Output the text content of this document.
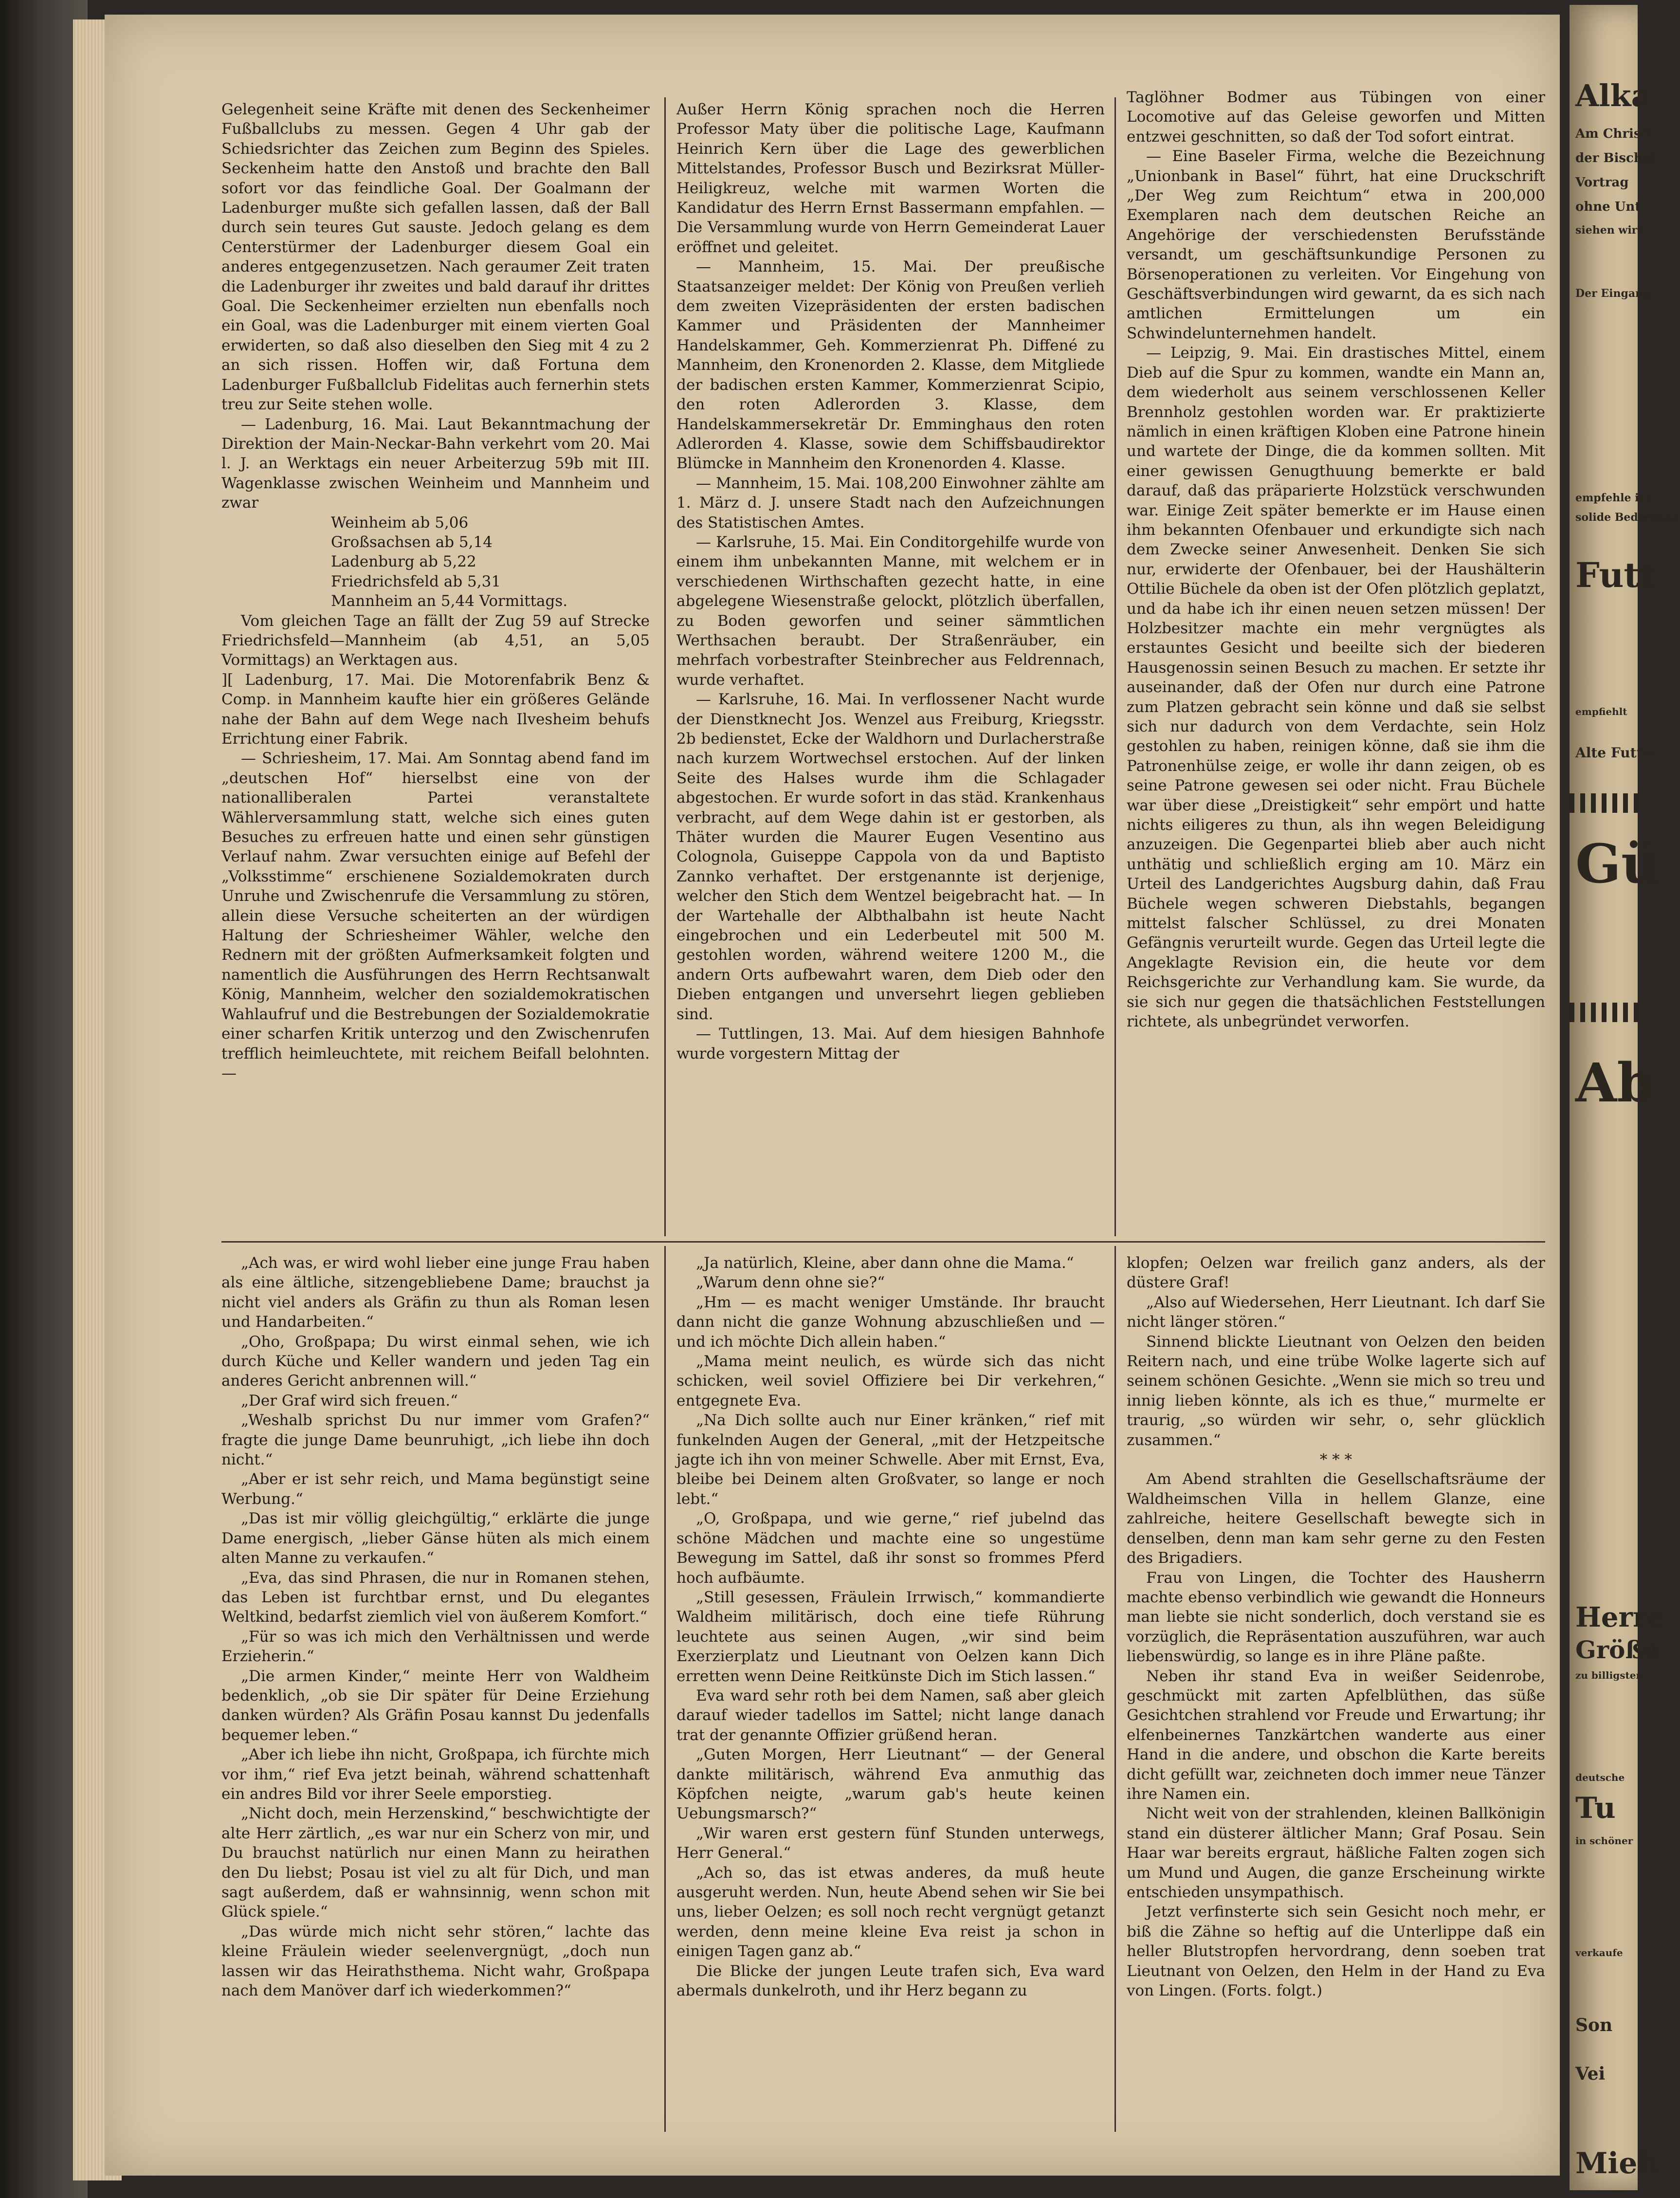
Gelegenheit seine Kräfte mit denen des Seckenheimer Fußballclubs zu messen. Gegen 4 Uhr gab der Schiedsrichter das Zeichen zum Beginn des Spieles. Seckenheim hatte den Anstoß und brachte den Ball sofort vor das feindliche Goal. Der Goalmann der Ladenburger mußte sich gefallen lassen, daß der Ball durch sein teures Gut sauste. Jedoch gelang es dem Centerstürmer der Ladenburger diesem Goal ein anderes entgegenzusetzen. Nach geraumer Zeit traten die Ladenburger ihr zweites und bald darauf ihr drittes Goal. Die Seckenheimer erzielten nun ebenfalls noch ein Goal, was die Ladenburger mit einem vierten Goal erwiderten, so daß also dieselben den Sieg mit 4 zu 2 an sich rissen. Hoffen wir, daß Fortuna dem Ladenburger Fußballclub Fidelitas auch fernerhin stets treu zur Seite stehen wolle.

— Ladenburg, 16. Mai. Laut Bekanntmachung der Direktion der Main-Neckar-Bahn verkehrt vom 20. Mai l. J. an Werktags ein neuer Arbeiterzug 59b mit III. Wagenklasse zwischen Weinheim und Mannheim und zwar

Weinheim ab 5,06

Großsachsen ab 5,14

Ladenburg ab 5,22

Friedrichsfeld ab 5,31

Mannheim an 5,44 Vormittags.

Vom gleichen Tage an fällt der Zug 59 auf Strecke Friedrichsfeld—Mannheim (ab 4,51, an 5,05 Vormittags) an Werktagen aus.

][ Ladenburg, 17. Mai. Die Motorenfabrik Benz & Comp. in Mannheim kaufte hier ein größeres Gelände nahe der Bahn auf dem Wege nach Ilvesheim behufs Errichtung einer Fabrik.

— Schriesheim, 17. Mai. Am Sonntag abend fand im „deutschen Hof“ hierselbst eine von der nationalliberalen Partei veranstaltete Wählerversammlung statt, welche sich eines guten Besuches zu erfreuen hatte und einen sehr günstigen Verlauf nahm. Zwar versuchten einige auf Befehl der „Volksstimme“ erschienene Sozialdemokraten durch Unruhe und Zwischenrufe die Versammlung zu stören, allein diese Versuche scheiterten an der würdigen Haltung der Schriesheimer Wähler, welche den Rednern mit der größten Aufmerksamkeit folgten und namentlich die Ausführungen des Herrn Rechtsanwalt König, Mannheim, welcher den sozialdemokratischen Wahlaufruf und die Bestrebungen der Sozialdemokratie einer scharfen Kritik unterzog und den Zwischenrufen trefflich heimleuchtete, mit reichem Beifall belohnten. —

Außer Herrn König sprachen noch die Herren Professor Maty über die politische Lage, Kaufmann Heinrich Kern über die Lage des gewerblichen Mittelstandes, Professor Busch und Bezirksrat Müller-Heiligkreuz, welche mit warmen Worten die Kandidatur des Herrn Ernst Bassermann empfahlen. — Die Versammlung wurde von Herrn Gemeinderat Lauer eröffnet und geleitet.

— Mannheim, 15. Mai. Der preußische Staatsanzeiger meldet: Der König von Preußen verlieh dem zweiten Vizepräsidenten der ersten badischen Kammer und Präsidenten der Mannheimer Handelskammer, Geh. Kommerzienrat Ph. Diffené zu Mannheim, den Kronenorden 2. Klasse, dem Mitgliede der badischen ersten Kammer, Kommerzienrat Scipio, den roten Adlerorden 3. Klasse, dem Handelskammersekretär Dr. Emminghaus den roten Adlerorden 4. Klasse, sowie dem Schiffsbaudirektor Blümcke in Mannheim den Kronenorden 4. Klasse.

— Mannheim, 15. Mai. 108,200 Einwohner zählte am 1. März d. J. unsere Stadt nach den Aufzeichnungen des Statistischen Amtes.

— Karlsruhe, 15. Mai. Ein Conditorgehilfe wurde von einem ihm unbekannten Manne, mit welchem er in verschiedenen Wirthschaften gezecht hatte, in eine abgelegene Wiesenstraße gelockt, plötzlich überfallen, zu Boden geworfen und seiner sämmtlichen Werthsachen beraubt. Der Straßenräuber, ein mehrfach vorbestrafter Steinbrecher aus Feldrennach, wurde verhaftet.

— Karlsruhe, 16. Mai. In verflossener Nacht wurde der Dienstknecht Jos. Wenzel aus Freiburg, Kriegsstr. 2b bedienstet, Ecke der Waldhorn und Durlacherstraße nach kurzem Wortwechsel erstochen. Auf der linken Seite des Halses wurde ihm die Schlagader abgestochen. Er wurde sofort in das städ. Krankenhaus verbracht, auf dem Wege dahin ist er gestorben, als Thäter wurden die Maurer Eugen Vesentino aus Colognola, Guiseppe Cappola von da und Baptisto Zannko verhaftet. Der erstgenannte ist derjenige, welcher den Stich dem Wentzel beigebracht hat. — In der Wartehalle der Albthalbahn ist heute Nacht eingebrochen und ein Lederbeutel mit 500 M. gestohlen worden, während weitere 1200 M., die andern Orts aufbewahrt waren, dem Dieb oder den Dieben entgangen und unversehrt liegen geblieben sind.

— Tuttlingen, 13. Mai. Auf dem hiesigen Bahnhofe wurde vorgestern Mittag der

Taglöhner Bodmer aus Tübingen von einer Locomotive auf das Geleise geworfen und Mitten entzwei geschnitten, so daß der Tod sofort eintrat.

— Eine Baseler Firma, welche die Bezeichnung „Unionbank in Basel“ führt, hat eine Druckschrift „Der Weg zum Reichtum“ etwa in 200,000 Exemplaren nach dem deutschen Reiche an Angehörige der verschiedensten Berufsstände versandt, um geschäftsunkundige Personen zu Börsenoperationen zu verleiten. Vor Eingehung von Geschäftsverbindungen wird gewarnt, da es sich nach amtlichen Ermittelungen um ein Schwindelunternehmen handelt.

— Leipzig, 9. Mai. Ein drastisches Mittel, einem Dieb auf die Spur zu kommen, wandte ein Mann an, dem wiederholt aus seinem verschlossenen Keller Brennholz gestohlen worden war. Er praktizierte nämlich in einen kräftigen Kloben eine Patrone hinein und wartete der Dinge, die da kommen sollten. Mit einer gewissen Genugthuung bemerkte er bald darauf, daß das präparierte Holzstück verschwunden war. Einige Zeit später bemerkte er im Hause einen ihm bekannten Ofenbauer und erkundigte sich nach dem Zwecke seiner Anwesenheit. Denken Sie sich nur, erwiderte der Ofenbauer, bei der Haushälterin Ottilie Büchele da oben ist der Ofen plötzlich geplatzt, und da habe ich ihr einen neuen setzen müssen! Der Holzbesitzer machte ein mehr vergnügtes als erstauntes Gesicht und beeilte sich der biederen Hausgenossin seinen Besuch zu machen. Er setzte ihr auseinander, daß der Ofen nur durch eine Patrone zum Platzen gebracht sein könne und daß sie selbst sich nur dadurch von dem Verdachte, sein Holz gestohlen zu haben, reinigen könne, daß sie ihm die Patronenhülse zeige, er wolle ihr dann zeigen, ob es seine Patrone gewesen sei oder nicht. Frau Büchele war über diese „Dreistigkeit“ sehr empört und hatte nichts eiligeres zu thun, als ihn wegen Beleidigung anzuzeigen. Die Gegenpartei blieb aber auch nicht unthätig und schließlich erging am 10. März ein Urteil des Landgerichtes Augsburg dahin, daß Frau Büchele wegen schweren Diebstahls, begangen mittelst falscher Schlüssel, zu drei Monaten Gefängnis verurteilt wurde. Gegen das Urteil legte die Angeklagte Revision ein, die heute vor dem Reichsgerichte zur Verhandlung kam. Sie wurde, da sie sich nur gegen die thatsächlichen Feststellungen richtete, als unbegründet verworfen.

„Ach was, er wird wohl lieber eine junge Frau haben als eine ältliche, sitzengebliebene Dame; brauchst ja nicht viel anders als Gräfin zu thun als Roman lesen und Handarbeiten.“

„Oho, Großpapa; Du wirst einmal sehen, wie ich durch Küche und Keller wandern und jeden Tag ein anderes Gericht anbrennen will.“

„Der Graf wird sich freuen.“

„Weshalb sprichst Du nur immer vom Grafen?“ fragte die junge Dame beunruhigt, „ich liebe ihn doch nicht.“

„Aber er ist sehr reich, und Mama begünstigt seine Werbung.“

„Das ist mir völlig gleichgültig,“ erklärte die junge Dame energisch, „lieber Gänse hüten als mich einem alten Manne zu verkaufen.“

„Eva, das sind Phrasen, die nur in Romanen stehen, das Leben ist furchtbar ernst, und Du elegantes Weltkind, bedarfst ziemlich viel von äußerem Komfort.“

„Für so was ich mich den Verhältnissen und werde Erzieherin.“

„Die armen Kinder,“ meinte Herr von Waldheim bedenklich, „ob sie Dir später für Deine Erziehung danken würden? Als Gräfin Posau kannst Du jedenfalls bequemer leben.“

„Aber ich liebe ihn nicht, Großpapa, ich fürchte mich vor ihm,“ rief Eva jetzt beinah, während schattenhaft ein andres Bild vor ihrer Seele emporstieg.

„Nicht doch, mein Herzenskind,“ beschwichtigte der alte Herr zärtlich, „es war nur ein Scherz von mir, und Du brauchst natürlich nur einen Mann zu heirathen den Du liebst; Posau ist viel zu alt für Dich, und man sagt außerdem, daß er wahnsinnig, wenn schon mit Glück spiele.“

„Das würde mich nicht sehr stören,“ lachte das kleine Fräulein wieder seelenvergnügt, „doch nun lassen wir das Heirathsthema. Nicht wahr, Großpapa nach dem Manöver darf ich wiederkommen?“

„Ja natürlich, Kleine, aber dann ohne die Mama.“

„Warum denn ohne sie?“

„Hm — es macht weniger Umstände. Ihr braucht dann nicht die ganze Wohnung abzuschließen und — und ich möchte Dich allein haben.“

„Mama meint neulich, es würde sich das nicht schicken, weil soviel Offiziere bei Dir verkehren,“ entgegnete Eva.

„Na Dich sollte auch nur Einer kränken,“ rief mit funkelnden Augen der General, „mit der Hetzpeitsche jagte ich ihn von meiner Schwelle. Aber mit Ernst, Eva, bleibe bei Deinem alten Großvater, so lange er noch lebt.“

„O, Großpapa, und wie gerne,“ rief jubelnd das schöne Mädchen und machte eine so ungestüme Bewegung im Sattel, daß ihr sonst so frommes Pferd hoch aufbäumte.

„Still gesessen, Fräulein Irrwisch,“ kommandierte Waldheim militärisch, doch eine tiefe Rührung leuchtete aus seinen Augen, „wir sind beim Exerzierplatz und Lieutnant von Oelzen kann Dich erretten wenn Deine Reitkünste Dich im Stich lassen.“

Eva ward sehr roth bei dem Namen, saß aber gleich darauf wieder tadellos im Sattel; nicht lange danach trat der genannte Offizier grüßend heran.

„Guten Morgen, Herr Lieutnant“ — der General dankte militärisch, während Eva anmuthig das Köpfchen neigte, „warum gab's heute keinen Uebungsmarsch?“

„Wir waren erst gestern fünf Stunden unterwegs, Herr General.“

„Ach so, das ist etwas anderes, da muß heute ausgeruht werden. Nun, heute Abend sehen wir Sie bei uns, lieber Oelzen; es soll noch recht vergnügt getanzt werden, denn meine kleine Eva reist ja schon in einigen Tagen ganz ab.“

Die Blicke der jungen Leute trafen sich, Eva ward abermals dunkelroth, und ihr Herz begann zu

klopfen; Oelzen war freilich ganz anders, als der düstere Graf!

„Also auf Wiedersehen, Herr Lieutnant. Ich darf Sie nicht länger stören.“

Sinnend blickte Lieutnant von Oelzen den beiden Reitern nach, und eine trübe Wolke lagerte sich auf seinem schönen Gesichte. „Wenn sie mich so treu und innig lieben könnte, als ich es thue,“ murmelte er traurig, „so würden wir sehr, o, sehr glücklich zusammen.“

* * *

Am Abend strahlten die Gesellschaftsräume der Waldheimschen Villa in hellem Glanze, eine zahlreiche, heitere Gesellschaft bewegte sich in denselben, denn man kam sehr gerne zu den Festen des Brigadiers.

Frau von Lingen, die Tochter des Hausherrn machte ebenso verbindlich wie gewandt die Honneurs man liebte sie nicht sonderlich, doch verstand sie es vorzüglich, die Repräsentation auszuführen, war auch liebenswürdig, so lange es in ihre Pläne paßte.

Neben ihr stand Eva in weißer Seidenrobe, geschmückt mit zarten Apfelblüthen, das süße Gesichtchen strahlend vor Freude und Erwartung; ihr elfenbeinernes Tanzkärtchen wanderte aus einer Hand in die andere, und obschon die Karte bereits dicht gefüllt war, zeichneten doch immer neue Tänzer ihre Namen ein.

Nicht weit von der strahlenden, kleinen Ballkönigin stand ein düsterer ältlicher Mann; Graf Posau. Sein Haar war bereits ergraut, häßliche Falten zogen sich um Mund und Augen, die ganze Erscheinung wirkte entschieden unsympathisch.

Jetzt verfinsterte sich sein Gesicht noch mehr, er biß die Zähne so heftig auf die Unterlippe daß ein heller Blutstropfen hervordrang, denn soeben trat Lieutnant von Oelzen, den Helm in der Hand zu Eva von Lingen. (Forts. folgt.)

Alka
Am Christi
der Bischof
Vortrag
ohne Unt
siehen wird
Der Eingang
empfehle ich
solide Bedienung
Futt
empfiehlt
Alte Futter
Gü
Ab
Herre
Größe
zu billigsten
deutsche
Tu
in schöner
verkaufe
Son
Vei
Mieh
